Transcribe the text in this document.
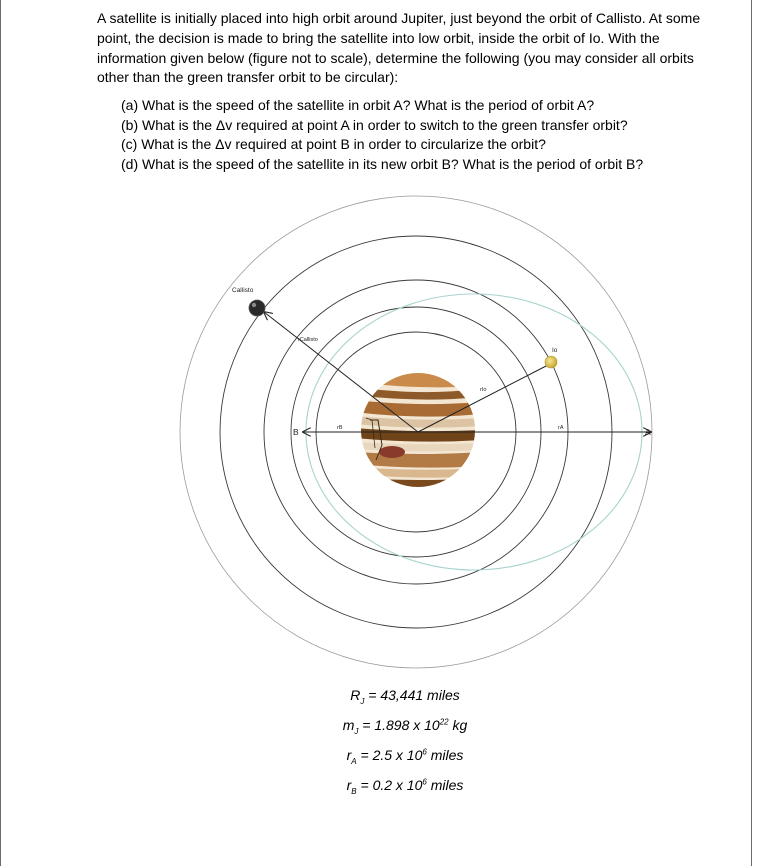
A satellite is initially placed into high orbit around Jupiter, just beyond the orbit of Callisto. At some point, the decision is made to bring the satellite into low orbit, inside the orbit of Io. With the information given below (figure not to scale), determine the following (you may consider all orbits other than the green transfer orbit to be circular):

(a) What is the speed of the satellite in orbit A? What is the period of orbit A?
(b) What is the Δv required at point A in order to switch to the green transfer orbit?
(c) What is the Δv required at point B in order to circularize the orbit?
(d) What is the speed of the satellite in its new orbit B? What is the period of orbit B?
Callisto
Io
rCallisto
rIo
rA
rB	A
B

$R_J = 43,441$ miles

$m_J = 1.898$ x $10^{22}$ kg

$r_A = 2.5$ x $10^6$ miles

$r_B = 0.2$ x $10^6$ miles
